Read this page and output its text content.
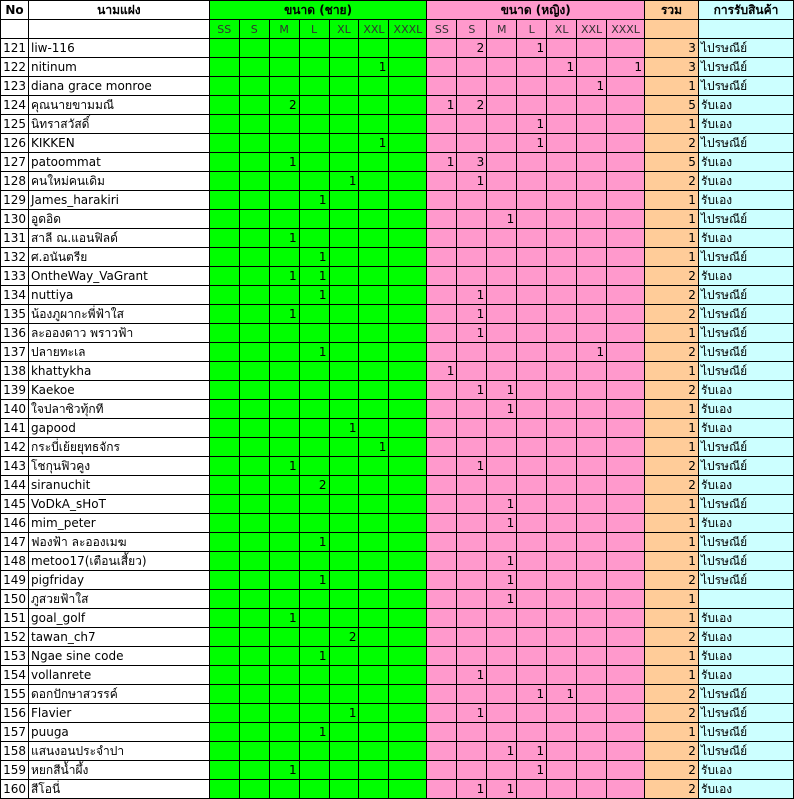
No	นามแฝง	ขนาด (ชาย)							ขนาด (หญิง)							รวม	การรับสินค้า
		SS	S	M	L	XL	XXL	XXXL	SS	S	M	L	XL	XXL	XXXL		
121	liw-116									2		1				3	ไปรษณีย์
122	nitinum						1						1		1	3	ไปรษณีย์
123	diana grace monroe													1		1	ไปรษณีย์
124	คุณนายขามมณี			2					1	2						5	รับเอง
125	นิทราสวัสดิ์											1				1	รับเอง
126	KIKKEN						1					1				2	ไปรษณีย์
127	patoommat			1					1	3						5	รับเอง
128	คนใหม่คนเดิม					1				1						2	รับเอง
129	James_harakiri				1											1	รับเอง
130	อูดอิด										1					1	ไปรษณีย์
131	สาลี ณ.แอนฟิลด์			1												1	รับเอง
132	ศ.อนันตรีย				1											1	ไปรษณีย์
133	OntheWay_VaGrant			1	1											2	รับเอง
134	nuttiya				1					1						2	ไปรษณีย์
135	น้องภูผากะพี่ฟ้าใส			1						1						2	ไปรษณีย์
136	ละอองดาว พราวฟ้า									1						1	ไปรษณีย์
137	ปลายทะเล				1									1		2	ไปรษณีย์
138	khattykha								1							1	ไปรษณีย์
139	Kaekoe									1	1					2	รับเอง
140	ใจปลาซิวทุ้กที										1					1	รับเอง
141	gapood					1										1	รับเอง
142	กระบี่เย้ยยุทธจักร						1									1	ไปรษณีย์
143	โชกุนฟิวคูง			1						1						2	ไปรษณีย์
144	siranuchit				2											2	รับเอง
145	VoDkA_sHoT										1					1	ไปรษณีย์
146	mim_peter										1					1	รับเอง
147	ฟองฟ้า ละอองเมฆ				1											1	ไปรษณีย์
148	metoo17(เตือนเสี้ยว)										1					1	ไปรษณีย์
149	pigfriday				1						1					2	ไปรษณีย์
150	ภูสวยฟ้าใส										1					1	
151	goal_golf			1												1	รับเอง
152	tawan_ch7					2										2	รับเอง
153	Ngae sine code				1											1	รับเอง
154	vollanrete									1						1	รับเอง
155	ดอกปักษาสวรรค์											1	1			2	ไปรษณีย์
156	Flavier					1				1						2	ไปรษณีย์
157	puuga				1											1	ไปรษณีย์
158	แสนงอนประจำปา										1	1				2	ไปรษณีย์
159	หยกสีน้ำผึ้ง			1								1				2	รับเอง
160	สีโอนี่									1	1					2	รับเอง
